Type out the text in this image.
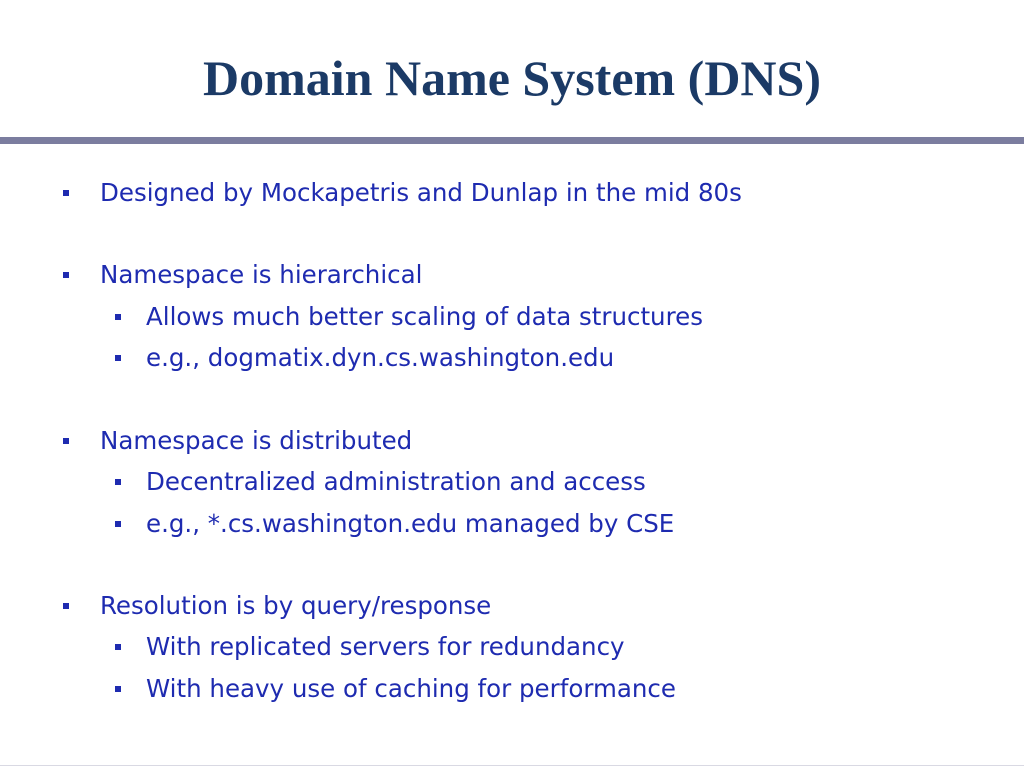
Domain Name System (DNS)
Designed by Mockapetris and Dunlap in the mid 80s
Namespace is hierarchical
Allows much better scaling of data structures
e.g., dogmatix.dyn.cs.washington.edu
Namespace is distributed
Decentralized administration and access
e.g., *.cs.washington.edu managed by CSE
Resolution is by query/response
With replicated servers for redundancy
With heavy use of caching for performance
